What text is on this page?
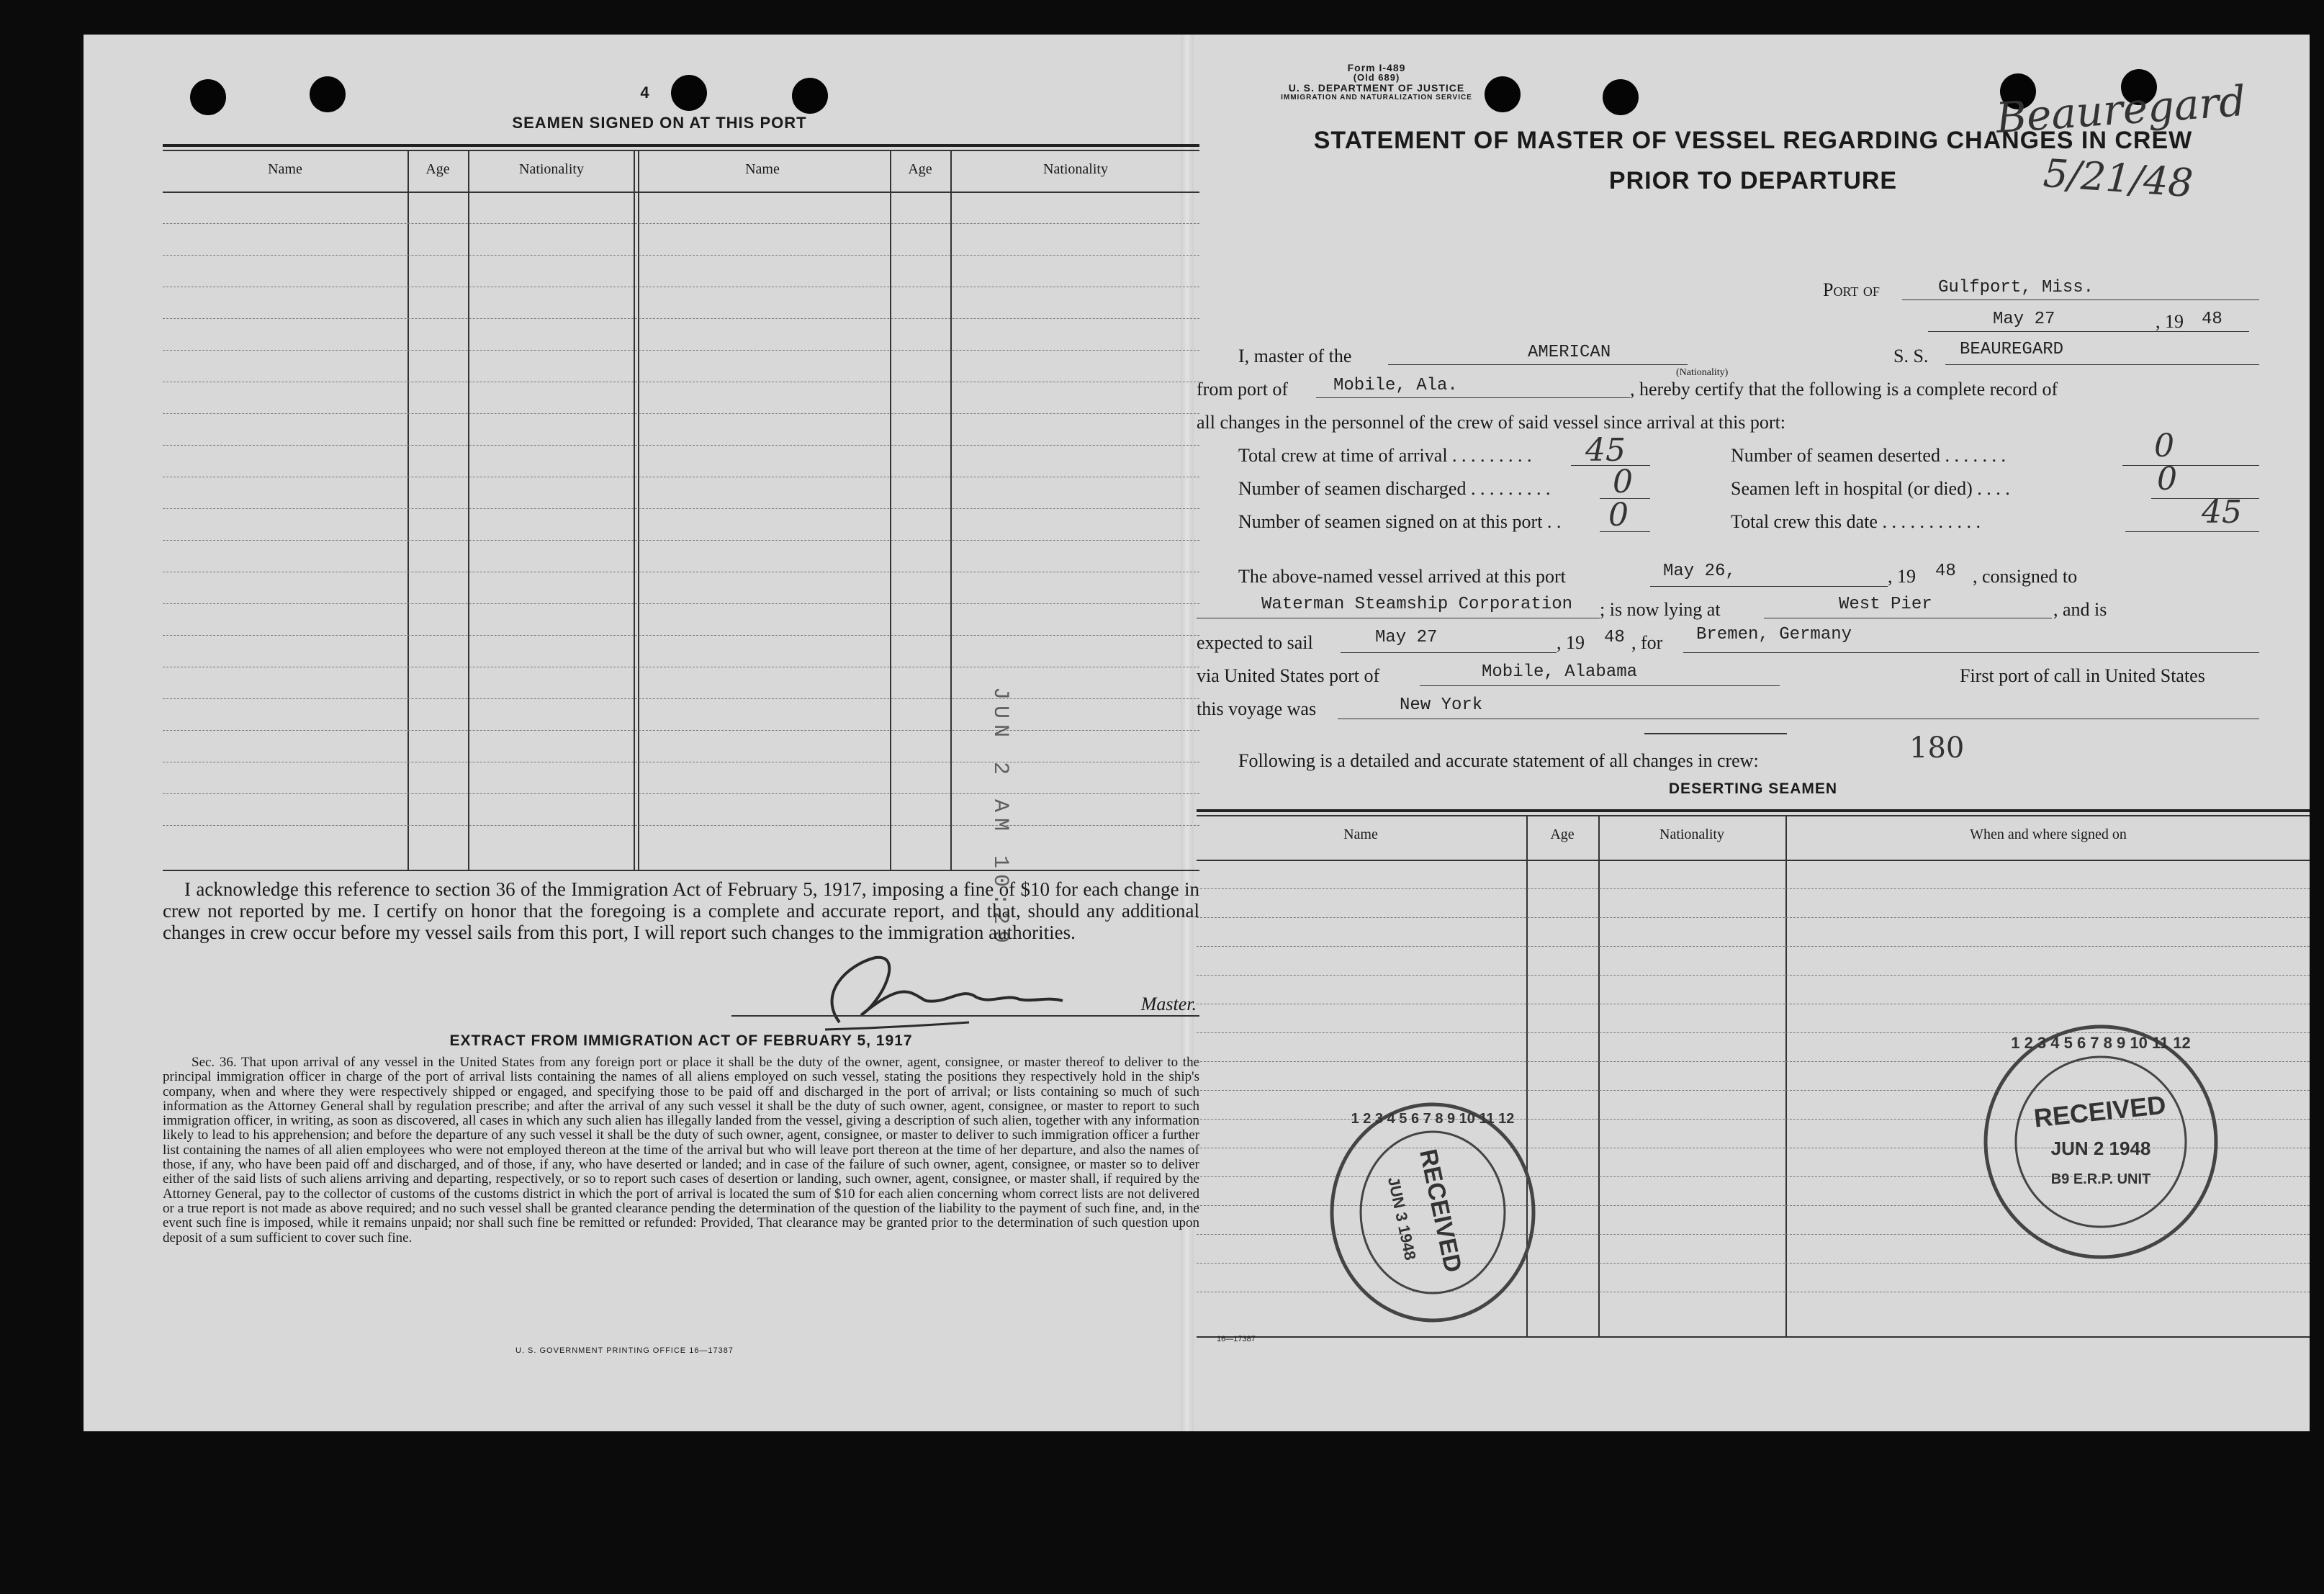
4
SEAMEN SIGNED ON AT THIS PORT
Name	Age	Nationality	Name	Age	Nationality
JUN 2 AM 10:29
I acknowledge this reference to section 36 of the Immigration Act of February 5, 1917, imposing a fine of $10 for each change in crew not reported by me. I certify on honor that the foregoing is a complete and accurate report, and that, should any additional changes in crew occur before my vessel sails from this port, I will report such changes to the immigration authorities.
Master.
EXTRACT FROM IMMIGRATION ACT OF FEBRUARY 5, 1917
Sec. 36. That upon arrival of any vessel in the United States from any foreign port or place it shall be the duty of the owner, agent, consignee, or master thereof to deliver to the principal immigration officer in charge of the port of arrival lists containing the names of all aliens employed on such vessel, stating the positions they respectively hold in the ship's company, when and where they were respectively shipped or engaged, and specifying those to be paid off and discharged in the port of arrival; or lists containing so much of such information as the Attorney General shall by regulation prescribe; and after the arrival of any such vessel it shall be the duty of such owner, agent, consignee, or master to report to such immigration officer, in writing, as soon as discovered, all cases in which any such alien has illegally landed from the vessel, giving a description of such alien, together with any information likely to lead to his apprehension; and before the departure of any such vessel it shall be the duty of such owner, agent, consignee, or master to deliver to such immigration officer a further list containing the names of all alien employees who were not employed thereon at the time of the arrival but who will leave port thereon at the time of her departure, and also the names of those, if any, who have been paid off and discharged, and of those, if any, who have deserted or landed; and in case of the failure of such owner, agent, consignee, or master so to deliver either of the said lists of such aliens arriving and departing, respectively, or so to report such cases of desertion or landing, such owner, agent, consignee, or master shall, if required by the Attorney General, pay to the collector of customs of the customs district in which the port of arrival is located the sum of $10 for each alien concerning whom correct lists are not delivered or a true report is not made as above required; and no such vessel shall be granted clearance pending the determination of the question of the liability to the payment of such fine, and, in the event such fine is imposed, while it remains unpaid; nor shall such fine be remitted or refunded: Provided, That clearance may be granted prior to the determination of such question upon deposit of a sum sufficient to cover such fine.
U. S. GOVERNMENT PRINTING OFFICE 16—17387
Form I-489
(Old 689)
U. S. DEPARTMENT OF JUSTICE
IMMIGRATION AND NATURALIZATION SERVICE	Beauregard
5/21/48
STATEMENT OF MASTER OF VESSEL REGARDING CHANGES IN CREW
PRIOR TO DEPARTURE
Port of	Gulfport, Miss.
May 27	, 19 48
I, master of the	AMERICAN
(Nationality)
S. S. BEAUREGARD
from port of	Mobile, Ala.	, hereby certify that the following is a complete record of
all changes in the personnel of the crew of said vessel since arrival at this port:
Total crew at time of arrival . . . . . . . . . 45	Number of seamen deserted . . . . . . .	0
Number of seamen discharged . . . . . . . . . 0	Seamen left in hospital (or died) . . . .	0
Number of seamen signed on at this port . . 0	Total crew this date . . . . . . . . . . .	45
The above-named vessel arrived at this port	May 26,	, 19 48 , consigned to
Waterman Steamship Corporation ; is now lying at	West Pier	, and is
expected to sail	May 27	, 19 48 , for Bremen, Germany
via United States port of	Mobile, Alabama	First port of call in United States
this voyage was	New York
180
Following is a detailed and accurate statement of all changes in crew:
DESERTING SEAMEN
Name	Age	Nationality	When and where signed on
16—17387
1 2 3 4 5 6 7 8 9 10 11 12
RECEIVED
JUN 2 1948
B9 E.R.P. UNIT
1 2 3 4 5 6 7 8 9 10 11 12
RECEIVED
JUN 3 1948
